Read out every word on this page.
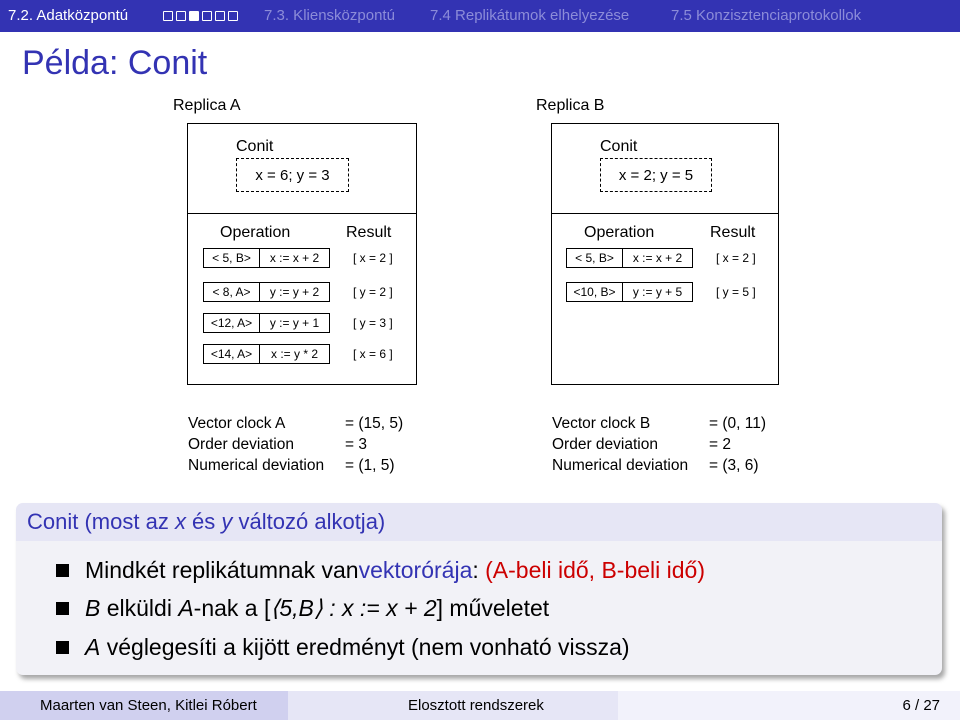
7.2. Adatközpontú	7.3. Kliensközpontú 7.4 Replikátumok elhelyezése	7.5 Konzisztenciaprotokollok
Példa: Conit
Replica A
Conit
x = 6; y = 3
Operation	Result
< 5, B>	x := x + 2	[ x = 2 ]
< 8, A>	y := y + 2	[ y = 2 ]
<12, A>	y := y + 1	[ y = 3 ]
<14, A>	x := y * 2	[ x = 6 ]
Vector clock A	= (15, 5)
Order deviation	= 3
Numerical deviation = (1, 5)
Replica B
Conit
x = 2; y = 5
Operation	Result
< 5, B>	x := x + 2	[ x = 2 ]
<10, B>	y := y + 5	[ y = 5 ]
Vector clock B	= (0, 11)
Order deviation	= 2
Numerical deviation = (3, 6)
Conit (most az x és y változó alkotja)
Mindkét replikátumnak van vektorórája : (A-beli idő, B-beli idő)
B elküldi A -nak a [ ⟨5,B⟩ : x := x + 2 ] műveletet
A véglegesíti a kijött eredményt (nem vonható vissza)
Maarten van Steen, Kitlei Róbert	Elosztott rendszerek	6 / 27
